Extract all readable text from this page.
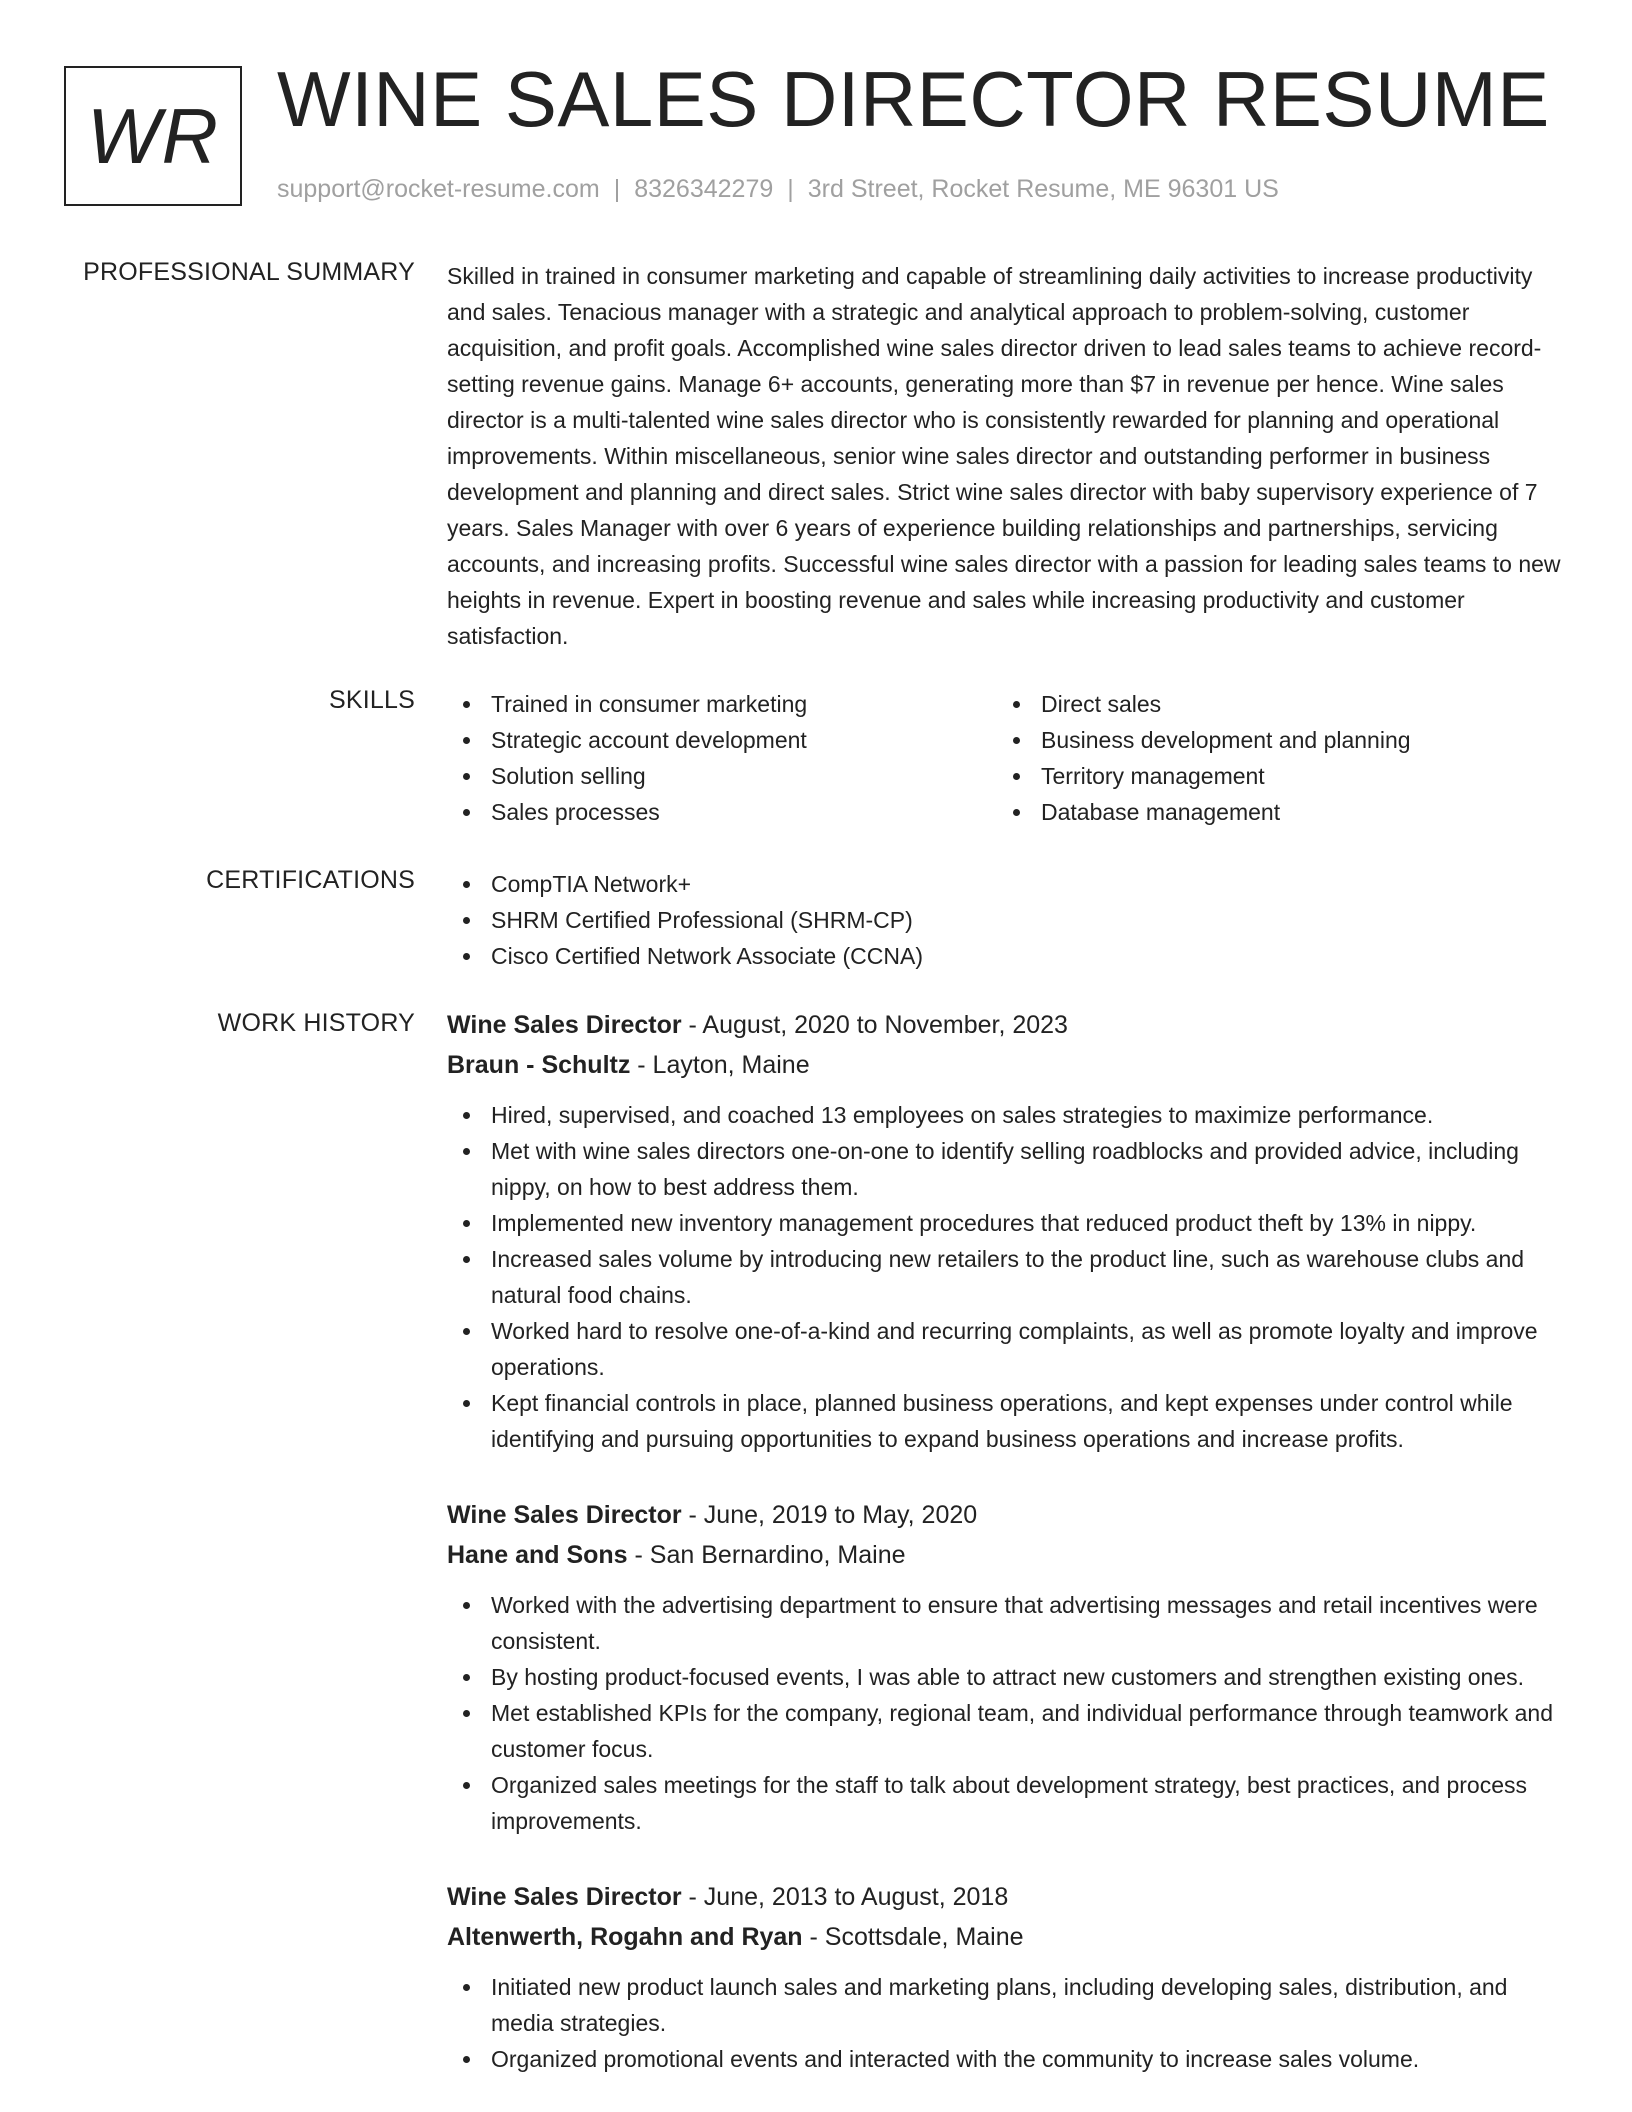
WR WINE SALES DIRECTOR RESUME
support@rocket-resume.com | 8326342279 | 3rd Street, Rocket Resume, ME 96301 US
PROFESSIONAL SUMMARY Skilled in trained in consumer marketing and capable of streamlining daily activities to increase productivity and sales. Tenacious manager with a strategic and analytical approach to problem-solving, customer acquisition, and profit goals. Accomplished wine sales director driven to lead sales teams to achieve record-setting revenue gains. Manage 6+ accounts, generating more than $7 in revenue per hence. Wine sales director is a multi-talented wine sales director who is consistently rewarded for planning and operational improvements. Within miscellaneous, senior wine sales director and outstanding performer in business development and planning and direct sales. Strict wine sales director with baby supervisory experience of 7 years. Sales Manager with over 6 years of experience building relationships and partnerships, servicing accounts, and increasing profits. Successful wine sales director with a passion for leading sales teams to new heights in revenue. Expert in boosting revenue and sales while increasing productivity and customer satisfaction.

SKILLS	Trained in consumer marketing
Strategic account development
Solution selling
Sales processes
Direct sales
Business development and planning
Territory management
Database management
CERTIFICATIONS	CompTIA Network+
SHRM Certified Professional (SHRM-CP)
Cisco Certified Network Associate (CCNA)
WORK HISTORY Wine Sales Director - August, 2020 to November, 2023
Braun - Schultz - Layton, Maine
Hired, supervised, and coached 13 employees on sales strategies to maximize performance.
Met with wine sales directors one-on-one to identify selling roadblocks and provided advice, including nippy, on how to best address them.
Implemented new inventory management procedures that reduced product theft by 13% in nippy.
Increased sales volume by introducing new retailers to the product line, such as warehouse clubs and natural food chains.
Worked hard to resolve one-of-a-kind and recurring complaints, as well as promote loyalty and improve operations.
Kept financial controls in place, planned business operations, and kept expenses under control while identifying and pursuing opportunities to expand business operations and increase profits.
Wine Sales Director - June, 2019 to May, 2020
Hane and Sons - San Bernardino, Maine
Worked with the advertising department to ensure that advertising messages and retail incentives were consistent.
By hosting product-focused events, I was able to attract new customers and strengthen existing ones.
Met established KPIs for the company, regional team, and individual performance through teamwork and customer focus.
Organized sales meetings for the staff to talk about development strategy, best practices, and process improvements.
Wine Sales Director - June, 2013 to August, 2018
Altenwerth, Rogahn and Ryan - Scottsdale, Maine
Initiated new product launch sales and marketing plans, including developing sales, distribution, and media strategies.
Organized promotional events and interacted with the community to increase sales volume.
